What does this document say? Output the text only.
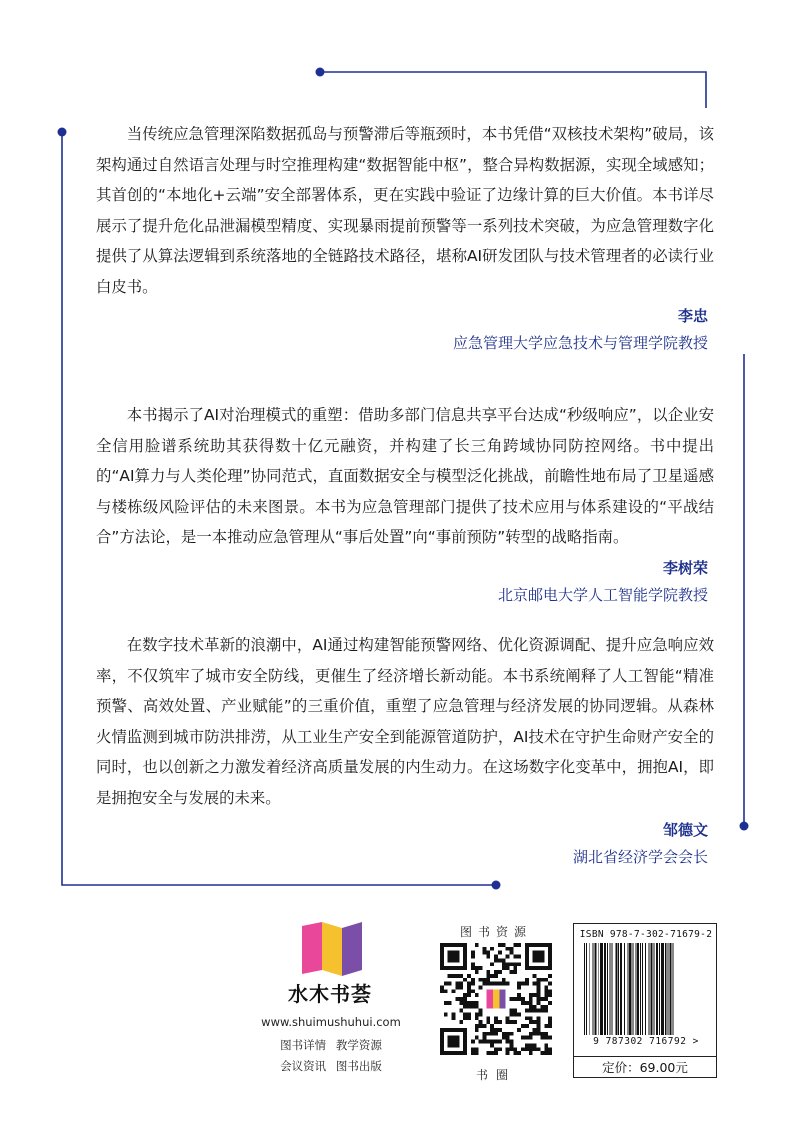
当传统应急管理深陷数据孤岛与预警滞后等瓶颈时，本书凭借“双核技术架构”破局，该架构通过自然语言处理与时空推理构建“数据智能中枢”，整合异构数据源，实现全域感知；其首创的“本地化+云端”安全部署体系，更在实践中验证了边缘计算的巨大价值。本书详尽展示了提升危化品泄漏模型精度、实现暴雨提前预警等一系列技术突破，为应急管理数字化提供了从算法逻辑到系统落地的全链路技术路径，堪称AI研发团队与技术管理者的必读行业白皮书。

李忠
应急管理大学应急技术与管理学院教授

本书揭示了AI对治理模式的重塑：借助多部门信息共享平台达成“秒级响应”，以企业安全信用脸谱系统助其获得数十亿元融资，并构建了长三角跨域协同防控网络。书中提出的“AI算力与人类伦理”协同范式，直面数据安全与模型泛化挑战，前瞻性地布局了卫星遥感与楼栋级风险评估的未来图景。本书为应急管理部门提供了技术应用与体系建设的“平战结合”方法论，是一本推动应急管理从“事后处置”向“事前预防”转型的战略指南。

李树荣
北京邮电大学人工智能学院教授

在数字技术革新的浪潮中，AI通过构建智能预警网络、优化资源调配、提升应急响应效率，不仅筑牢了城市安全防线，更催生了经济增长新动能。本书系统阐释了人工智能“精准预警、高效处置、产业赋能”的三重价值，重塑了应急管理与经济发展的协同逻辑。从森林火情监测到城市防洪排涝，从工业生产安全到能源管道防护，AI技术在守护生命财产安全的同时，也以创新之力激发着经济高质量发展的内生动力。在这场数字化变革中，拥抱AI，即是拥抱安全与发展的未来。

邹德文
湖北省经济学会会长
水木书荟
www.shuimushuhui.com
图书详情 教学资源
会议资讯 图书出版
图书资源
书圈
ISBN 978-7-302-71679-2
9 787302 716792 >
定价：69.00元
